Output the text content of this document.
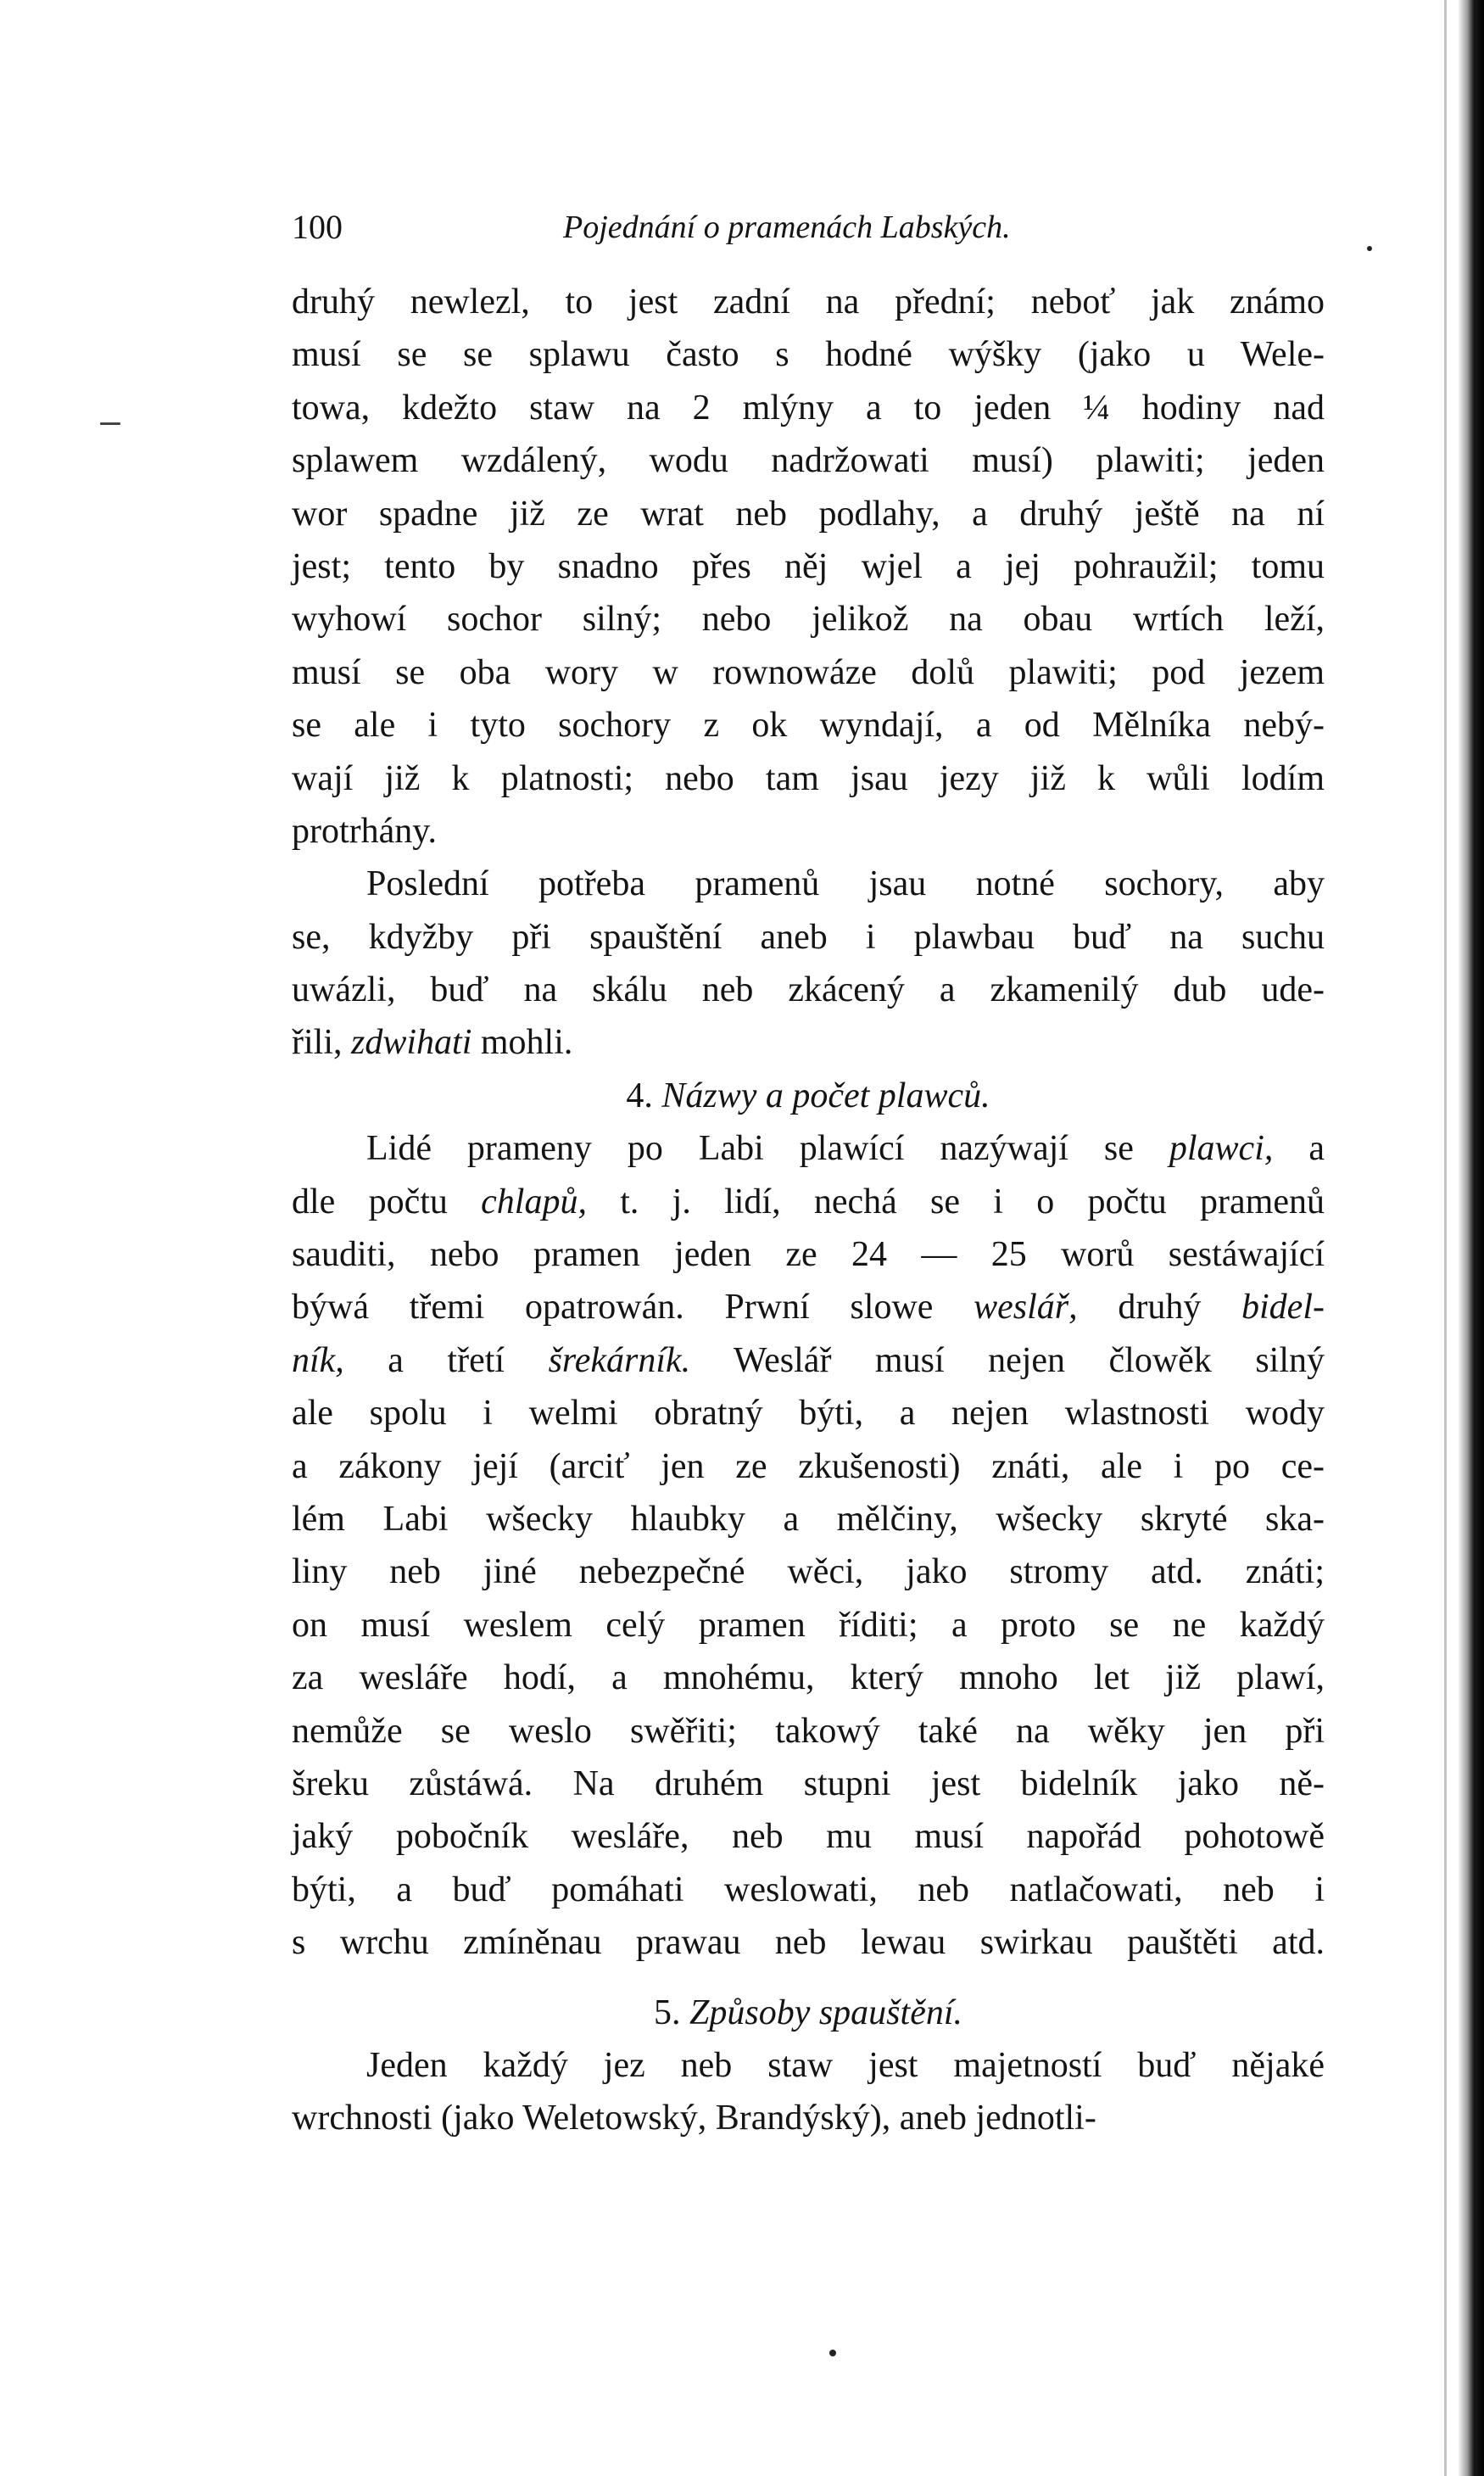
100	Pojednání o pramenách Labských.
druhý newlezl, to jest zadní na přední; neboť jak známo
musí se se splawu často s hodné wýšky (jako u Wele-
towa, kdežto staw na 2 mlýny a to jeden ¼ hodiny nad
splawem wzdálený, wodu nadržowati musí) plawiti; jeden
wor spadne již ze wrat neb podlahy, a druhý ještě na ní
jest; tento by snadno přes něj wjel a jej pohraužil; tomu
wyhowí sochor silný; nebo jelikož na obau wrtích leží,
musí se oba wory w rownowáze dolů plawiti; pod jezem
se ale i tyto sochory z ok wyndají, a od Mělníka nebý-
wají již k platnosti; nebo tam jsau jezy již k wůli lodím
protrhány.
Poslední potřeba pramenů jsau notné sochory, aby
se, kdyžby při spauštění aneb i plawbau buď na suchu
uwázli, buď na skálu neb zkácený a zkamenilý dub ude-
řili, zdwihati mohli.
4. Názwy a počet plawců.
Lidé prameny po Labi plawící nazýwají se plawci, a
dle počtu chlapů, t. j. lidí, nechá se i o počtu pramenů
sauditi, nebo pramen jeden ze 24 — 25 worů sestáwající
býwá třemi opatrowán. Prwní slowe weslář, druhý bidel-
ník, a třetí šrekárník. Weslář musí nejen člowěk silný
ale spolu i welmi obratný býti, a nejen wlastnosti wody
a zákony její (arciť jen ze zkušenosti) znáti, ale i po ce-
lém Labi wšecky hlaubky a mělčiny, wšecky skryté ska-
liny neb jiné nebezpečné wěci, jako stromy atd. znáti;
on musí weslem celý pramen říditi; a proto se ne každý
za wesláře hodí, a mnohému, který mnoho let již plawí,
nemůže se weslo swěřiti; takowý také na wěky jen při
šreku zůstáwá. Na druhém stupni jest bidelník jako ně-
jaký pobočník wesláře, neb mu musí napořád pohotowě
býti, a buď pomáhati weslowati, neb natlačowati, neb i
s wrchu zmíněnau prawau neb lewau swirkau pauštěti atd.
5. Způsoby spauštění.
Jeden každý jez neb staw jest majetností buď nějaké
wrchnosti (jako Weletowský, Brandýský), aneb jednotli-
